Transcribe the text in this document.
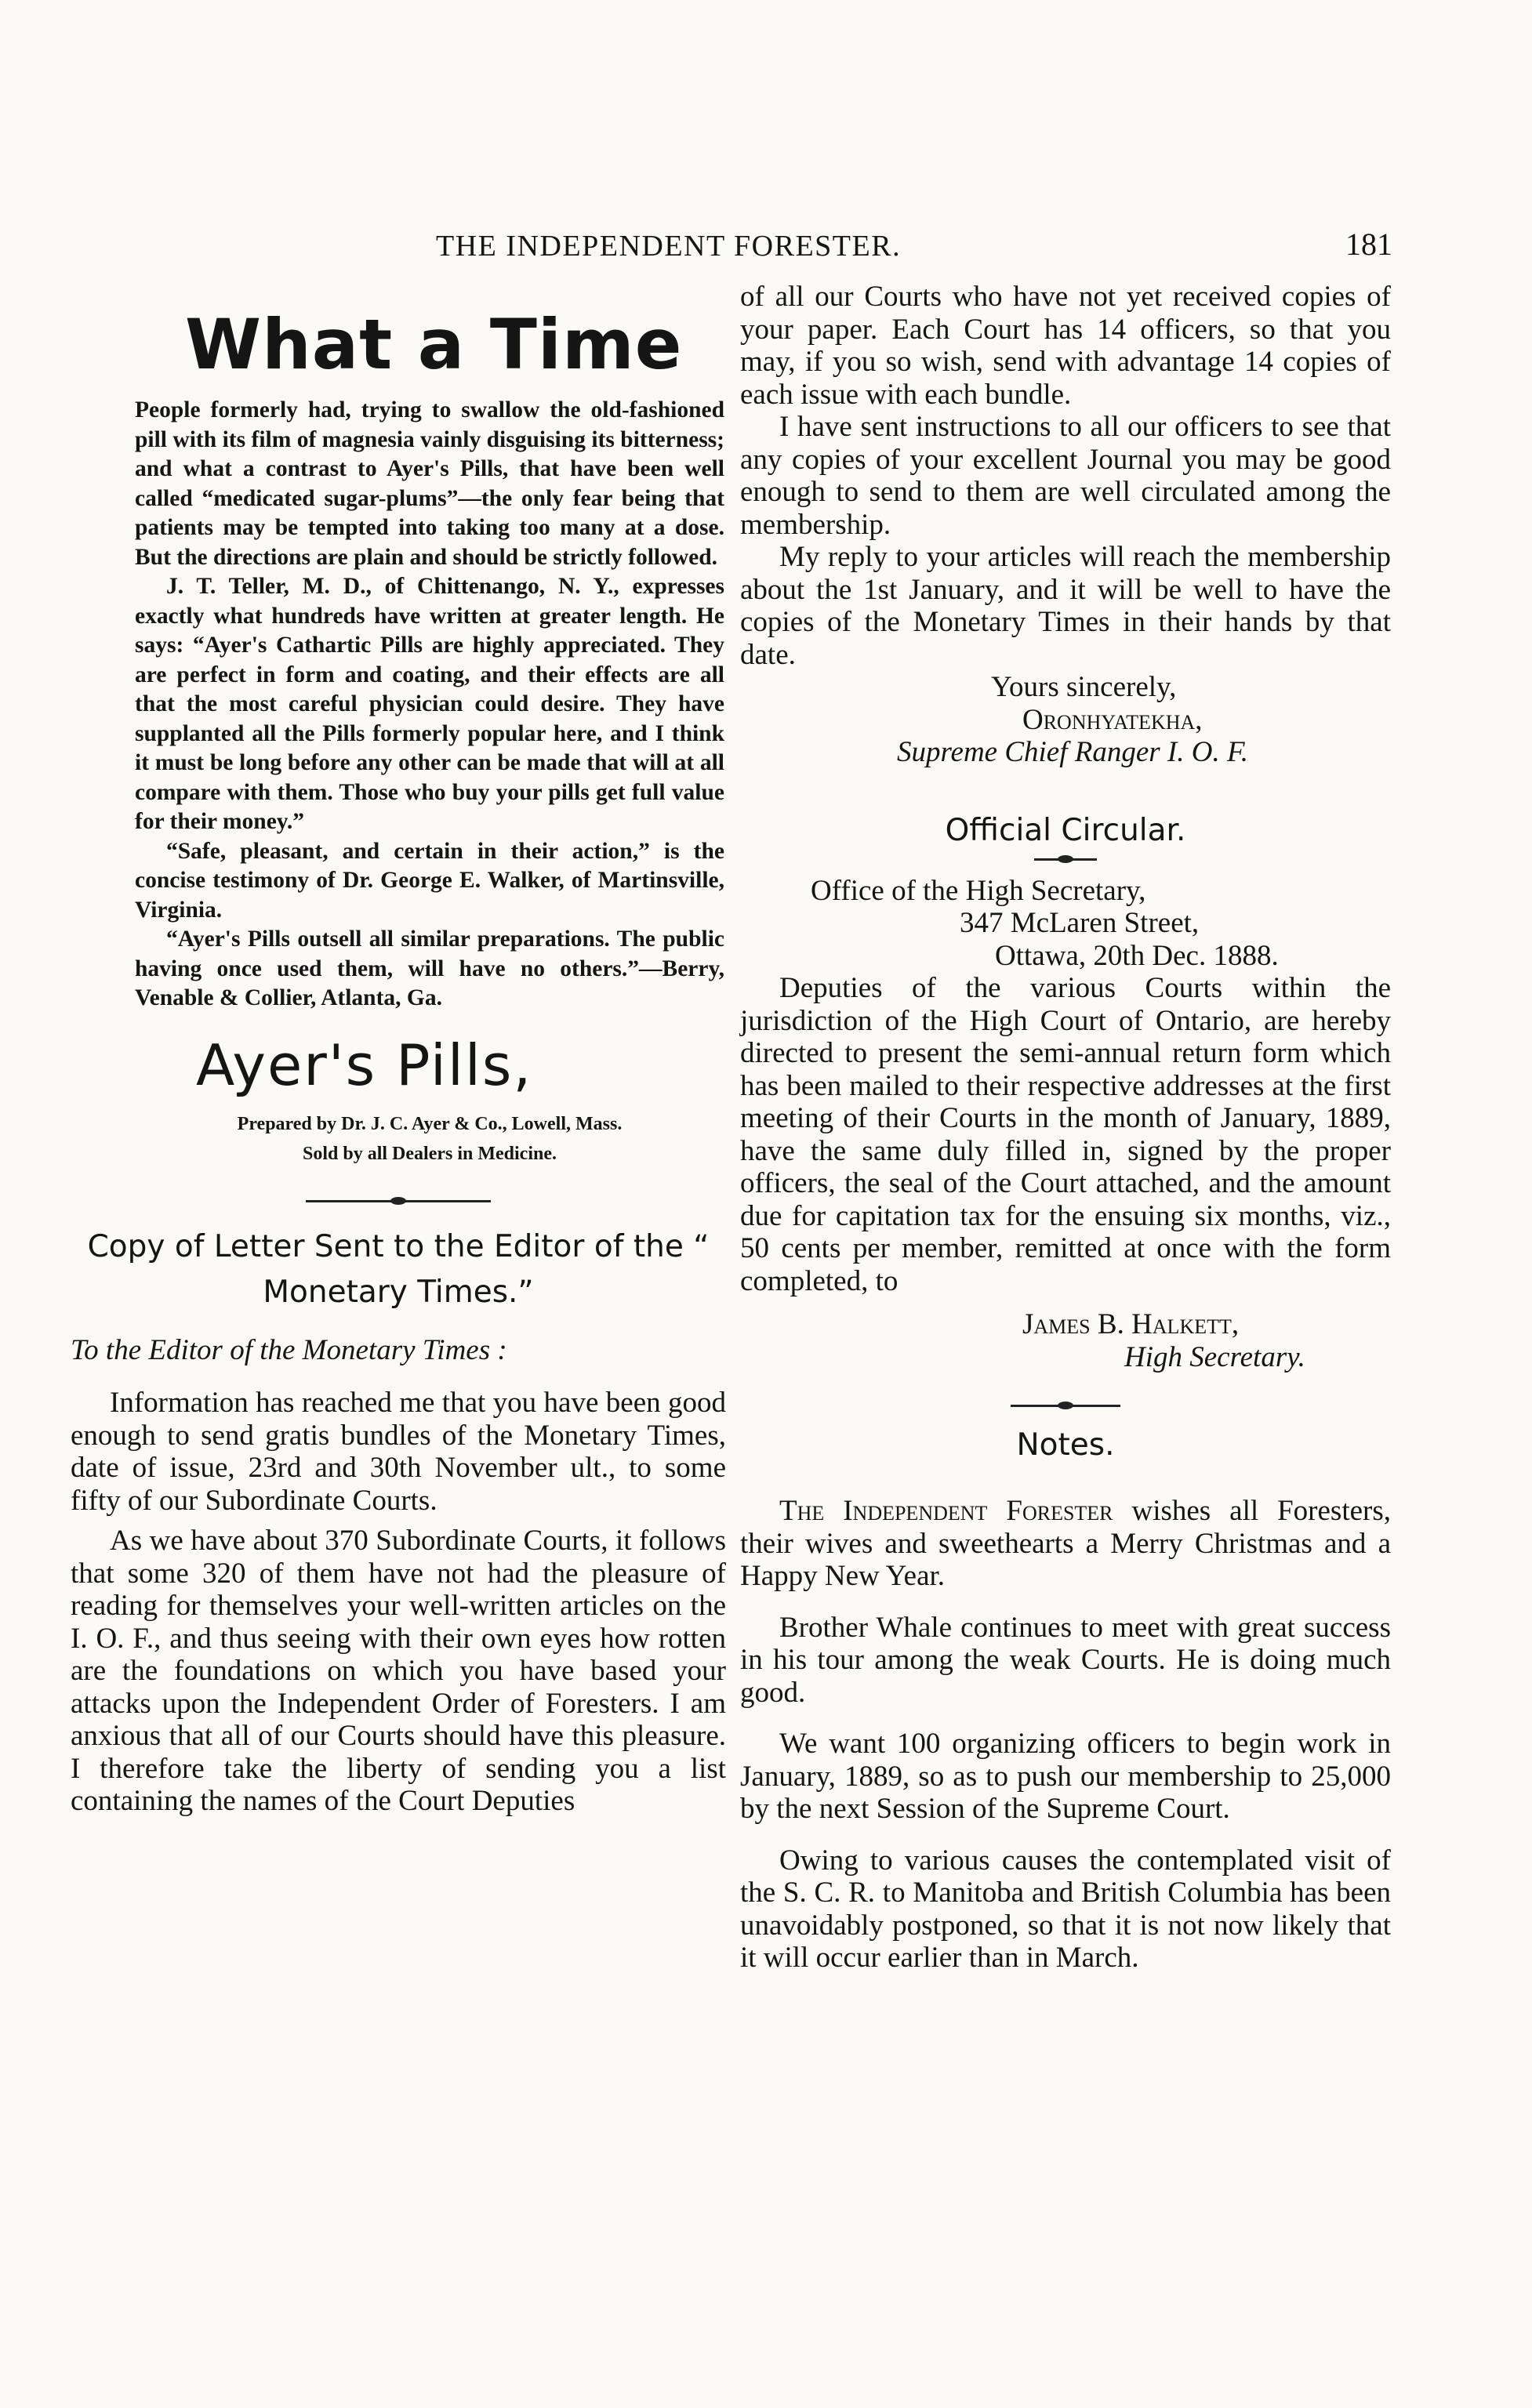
THE INDEPENDENT FORESTER.	181
What a Time

People formerly had, trying to swallow the old-fashioned pill with its film of magnesia vainly disguising its bitterness; and what a contrast to Ayer's Pills, that have been well called “medicated sugar-plums”—the only fear being that patients may be tempted into taking too many at a dose. But the directions are plain and should be strictly followed.

J. T. Teller, M. D., of Chittenango, N. Y., expresses exactly what hundreds have written at greater length. He says: “Ayer's Cathartic Pills are highly appreciated. They are perfect in form and coating, and their effects are all that the most careful physician could desire. They have supplanted all the Pills formerly popular here, and I think it must be long before any other can be made that will at all compare with them. Those who buy your pills get full value for their money.”

“Safe, pleasant, and certain in their action,” is the concise testimony of Dr. George E. Walker, of Martinsville, Virginia.

“Ayer's Pills outsell all similar preparations. The public having once used them, will have no others.”—Berry, Venable & Collier, Atlanta, Ga.

Ayer's Pills,
Prepared by Dr. J. C. Ayer & Co., Lowell, Mass.
Sold by all Dealers in Medicine.
Copy of Letter Sent to the Editor of the “ Monetary Times.”

To the Editor of the Monetary Times :

Information has reached me that you have been good enough to send gratis bundles of the Monetary Times, date of issue, 23rd and 30th November ult., to some fifty of our Subordinate Courts.

As we have about 370 Subordinate Courts, it follows that some 320 of them have not had the pleasure of reading for themselves your well-written articles on the I. O. F., and thus seeing with their own eyes how rotten are the foundations on which you have based your attacks upon the Independent Order of Foresters. I am anxious that all of our Courts should have this pleasure. I therefore take the liberty of sending you a list containing the names of the Court Deputies

of all our Courts who have not yet received copies of your paper. Each Court has 14 officers, so that you may, if you so wish, send with advantage 14 copies of each issue with each bundle.

I have sent instructions to all our officers to see that any copies of your excellent Journal you may be good enough to send to them are well circulated among the membership.

My reply to your articles will reach the membership about the 1st January, and it will be well to have the copies of the Monetary Times in their hands by that date.

Yours sincerely,
Oronhyatekha,
Supreme Chief Ranger I. O. F.
Official Circular.
Office of the High Secretary,
347 McLaren Street,
Ottawa, 20th Dec. 1888.

Deputies of the various Courts within the jurisdiction of the High Court of Ontario, are hereby directed to present the semi-annual return form which has been mailed to their respective addresses at the first meeting of their Courts in the month of January, 1889, have the same duly filled in, signed by the proper officers, the seal of the Court attached, and the amount due for capitation tax for the ensuing six months, viz., 50 cents per member, remitted at once with the form completed, to

James B. Halkett,
High Secretary.
Notes.

The Independent Forester wishes all Foresters, their wives and sweethearts a Merry Christmas and a Happy New Year.

Brother Whale continues to meet with great success in his tour among the weak Courts. He is doing much good.

We want 100 organizing officers to begin work in January, 1889, so as to push our membership to 25,000 by the next Session of the Supreme Court.

Owing to various causes the contemplated visit of the S. C. R. to Manitoba and British Columbia has been unavoidably postponed, so that it is not now likely that it will occur earlier than in March.
